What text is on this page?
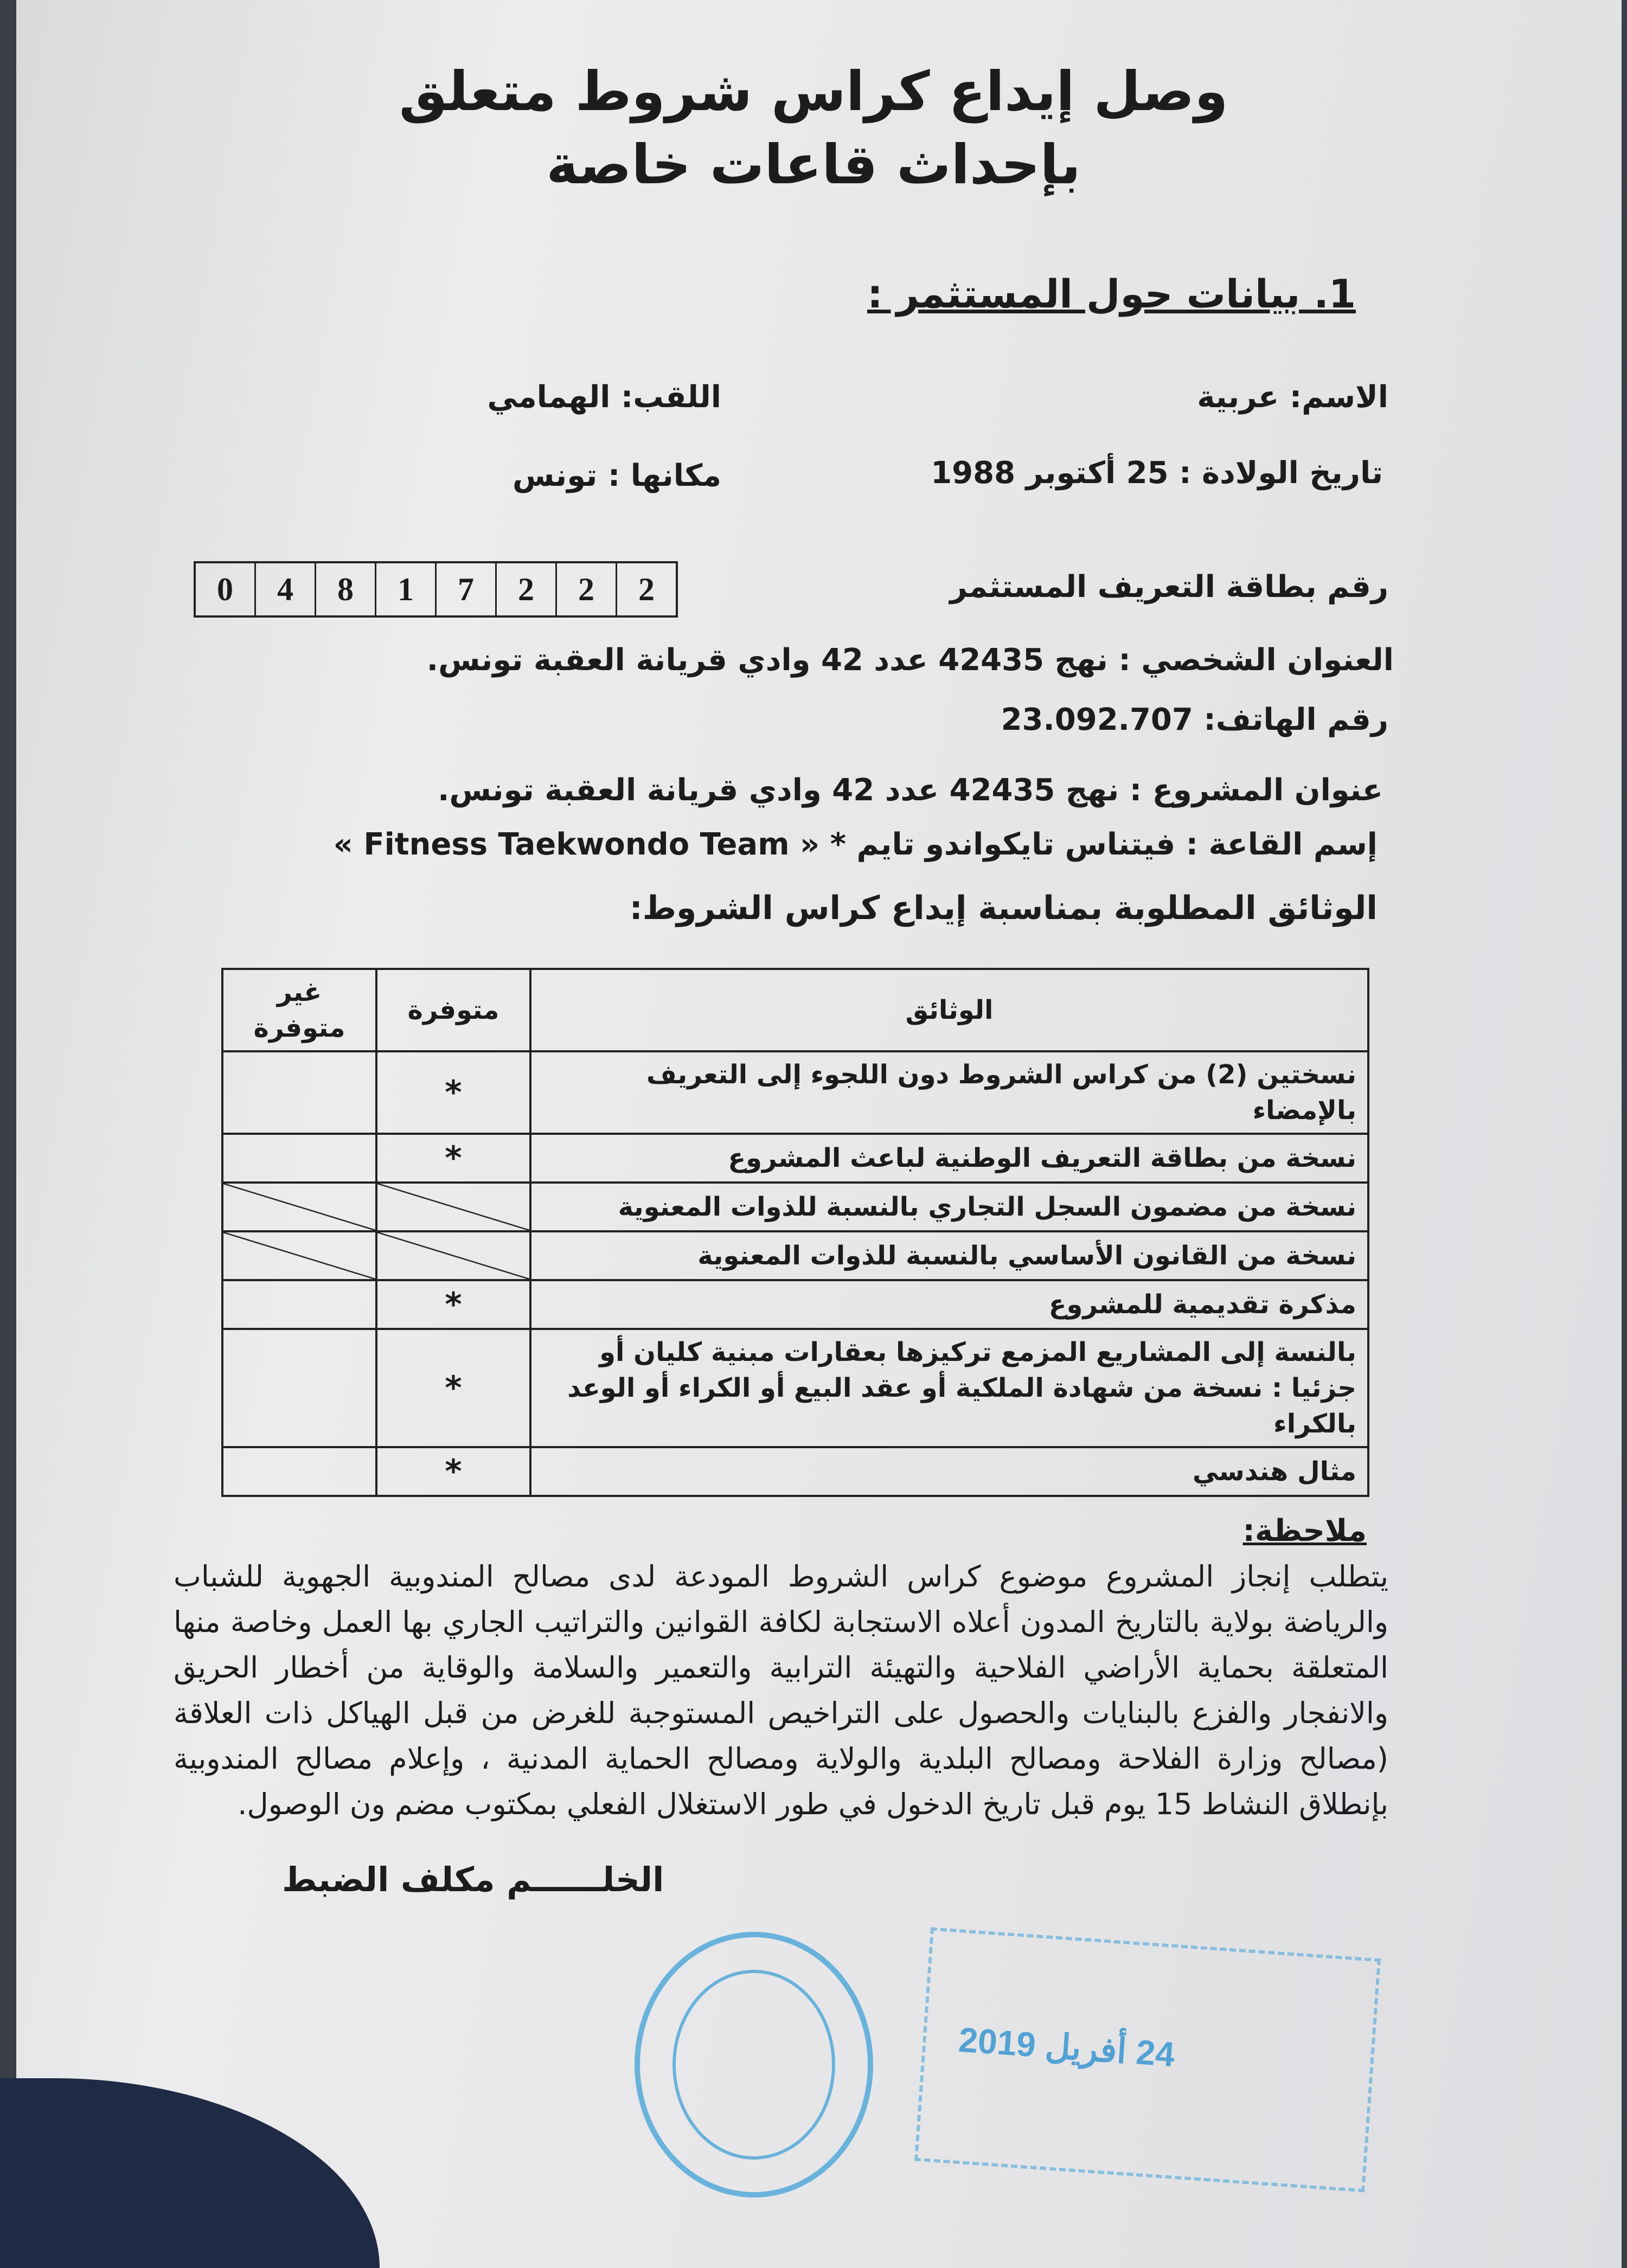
وصل إيداع كراس شروط متعلق
بإحداث قاعات خاصة
1. بيانات حول المستثمر :
الاسم: عربية
اللقب: الهمامي
تاريخ الولادة : 25 أكتوبر 1988
مكانها : تونس
رقم بطاقة التعريف المستثمر
0	4	8	1	7	2	2	2
العنوان الشخصي : نهج 42435 عدد 42 وادي قريانة العقبة تونس.
رقم الهاتف: 23.092.707
عنوان المشروع : نهج 42435 عدد 42 وادي قريانة العقبة تونس.
إسم القاعة : فيتناس تايكواندو تايم * « Fitness Taekwondo Team »
الوثائق المطلوبة بمناسبة إيداع كراس الشروط:
الوثائق	متوفرة	غير متوفرة
نسختين (2) من كراس الشروط دون اللجوء إلى التعريف بالإمضاء	*	
نسخة من بطاقة التعريف الوطنية لباعث المشروع	*	
نسخة من مضمون السجل التجاري بالنسبة للذوات المعنوية		
نسخة من القانون الأساسي بالنسبة للذوات المعنوية		
مذكرة تقديمية للمشروع	*	
بالنسة إلى المشاريع المزمع تركيزها بعقارات مبنية كليان أو جزئيا : نسخة من شهادة الملكية أو عقد البيع أو الكراء أو الوعد بالكراء	*	
مثال هندسي	*	
ملاحظة:
يتطلب إنجاز المشروع موضوع كراس الشروط المودعة لدى مصالح المندوبية الجهوية للشباب والرياضة بولاية بالتاريخ المدون أعلاه الاستجابة لكافة القوانين والتراتيب الجاري بها العمل وخاصة منها المتعلقة بحماية الأراضي الفلاحية والتهيئة الترابية والتعمير والسلامة والوقاية من أخطار الحريق والانفجار والفزع بالبنايات والحصول على التراخيص المستوجبة للغرض من قبل الهياكل ذات العلاقة (مصالح وزارة الفلاحة ومصالح البلدية والولاية ومصالح الحماية المدنية ، وإعلام مصالح المندوبية بإنطلاق النشاط 15 يوم قبل تاريخ الدخول في طور الاستغلال الفعلي بمكتوب مضم ون الوصول.
الخلــــــم مكلف الضبط
24 أفريل 2019
